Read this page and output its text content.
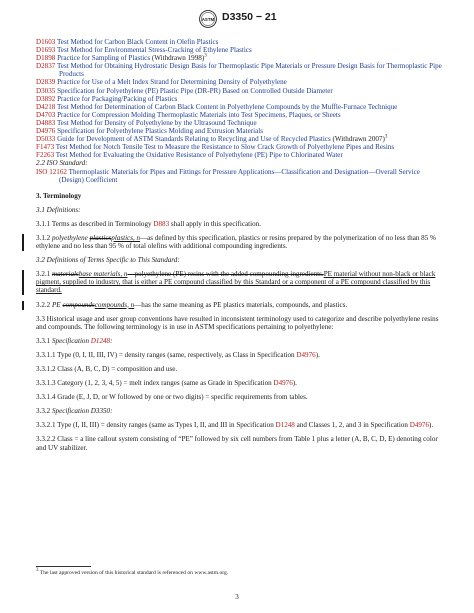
ASTM D3350 − 21

D1603 Test Method for Carbon Black Content in Olefin Plastics

D1693 Test Method for Environmental Stress-Cracking of Ethylene Plastics

D1898 Practice for Sampling of Plastics (Withdrawn 1998)$^3$

D2837 Test Method for Obtaining Hydrostatic Design Basis for Thermoplastic Pipe Materials or Pressure Design Basis for Thermoplastic Pipe Products

D2839 Practice for Use of a Melt Index Strand for Determining Density of Polyethylene

D3035 Specification for Polyethylene (PE) Plastic Pipe (DR-PR) Based on Controlled Outside Diameter

D3892 Practice for Packaging/Packing of Plastics

D4218 Test Method for Determination of Carbon Black Content in Polyethylene Compounds by the Muffle-Furnace Technique

D4703 Practice for Compression Molding Thermoplastic Materials into Test Specimens, Plaques, or Sheets

D4883 Test Method for Density of Polyethylene by the Ultrasound Technique

D4976 Specification for Polyethylene Plastics Molding and Extrusion Materials

D5033 Guide for Development of ASTM Standards Relating to Recycling and Use of Recycled Plastics (Withdrawn 2007)$^3$

F1473 Test Method for Notch Tensile Test to Measure the Resistance to Slow Crack Growth of Polyethylene Pipes and Resins

F2263 Test Method for Evaluating the Oxidative Resistance of Polyethylene (PE) Pipe to Chlorinated Water

2.2 ISO Standard:

ISO 12162 Thermoplastic Materials for Pipes and Fittings for Pressure Applications—Classification and Designation—Overall Service (Design) Coefficient

3. Terminology

3.1 Definitions:

3.1.1 Terms as described in Terminology D883 shall apply in this specification.

3.1.2 polyethylene plasticsplastics, n—as defined by this specification, plastics or resins prepared by the polymerization of no less than 85 % ethylene and no less than 95 % of total olefins with additional compounding ingredients.

3.2 Definitions of Terms Specific to This Standard:

3.2.1 materialsbase materials, n—polyethylene (PE) resins with the added compounding ingredients.PE material without non-black or black pigment, supplied to industry, that is either a PE compound classified by this Standard or a component of a PE compound classified by this standard.

3.2.2 PE compoundscompounds, n—has the same meaning as PE plastics materials, compounds, and plastics.

3.3 Historical usage and user group conventions have resulted in inconsistent terminology used to categorize and describe polyethylene resins and compounds. The following terminology is in use in ASTM specifications pertaining to polyethylene:

3.3.1 Specification D1248:

3.3.1.1 Type (0, I, II, III, IV) = density ranges (same, respectively, as Class in Specification D4976).

3.3.1.2 Class (A, B, C, D) = composition and use.

3.3.1.3 Category (1, 2, 3, 4, 5) = melt index ranges (same as Grade in Specification D4976).

3.3.1.4 Grade (E, J, D, or W followed by one or two digits) = specific requirements from tables.

3.3.2 Specification D3350:

3.3.2.1 Type (I, II, III) = density ranges (same as Types I, II, and III in Specification D1248 and Classes 1, 2, and 3 in Specification D4976).

3.3.2.2 Class = a line callout system consisting of “PE” followed by six cell numbers from Table 1 plus a letter (A, B, C, D, E) denoting color and UV stabilizer.

$^3$ The last approved version of this historical standard is referenced on www.astm.org.
3
